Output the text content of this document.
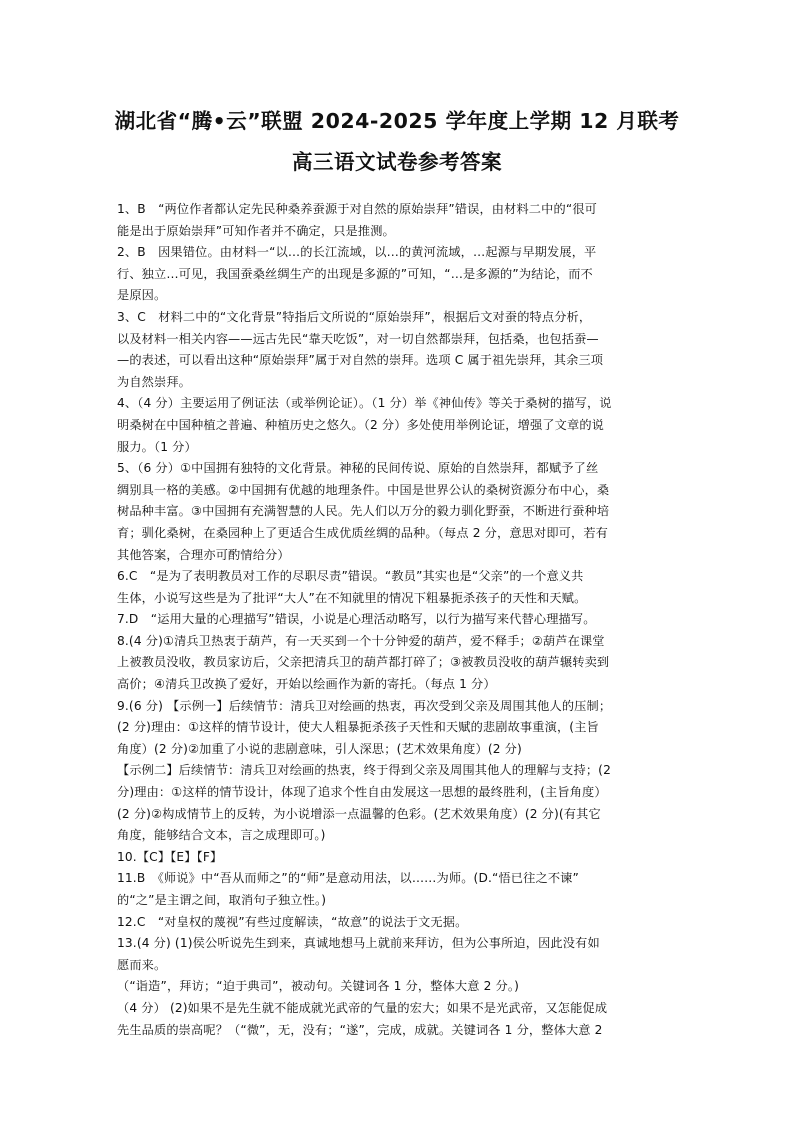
湖北省“腾•云”联盟 2024-2025 学年度上学期 12 月联考
高三语文试卷参考答案
1、B　“两位作者都认定先民种桑养蚕源于对自然的原始崇拜”错误，由材料二中的“很可
能是出于原始崇拜”可知作者并不确定，只是推测。
2、B　因果错位。由材料一“以…的长江流域，以…的黄河流域，…起源与早期发展，平
行、独立…可见，我国蚕桑丝绸生产的出现是多源的”可知，“…是多源的”为结论，而不
是原因。
3、C　材料二中的“文化背景”特指后文所说的“原始崇拜”，根据后文对蚕的特点分析，
以及材料一相关内容——远古先民“靠天吃饭”，对一切自然都崇拜，包括桑，也包括蚕—
—的表述，可以看出这种“原始崇拜”属于对自然的崇拜。选项 C 属于祖先崇拜，其余三项
为自然崇拜。
4、（4 分）主要运用了例证法（或举例论证）。（1 分）举《神仙传》等关于桑树的描写，说
明桑树在中国种植之普遍、种植历史之悠久。（2 分）多处使用举例论证，增强了文章的说
服力。（1 分）
5、（6 分）①中国拥有独特的文化背景。神秘的民间传说、原始的自然崇拜，都赋予了丝
绸别具一格的美感。②中国拥有优越的地理条件。中国是世界公认的桑树资源分布中心，桑
树品种丰富。③中国拥有充满智慧的人民。先人们以万分的毅力驯化野蚕，不断进行蚕种培
育；驯化桑树，在桑园种上了更适合生成优质丝绸的品种。（每点 2 分，意思对即可，若有
其他答案，合理亦可酌情给分）
6.C　“是为了表明教员对工作的尽职尽责”错误。“教员”其实也是“父亲”的一个意义共
生体，小说写这些是为了批评“大人”在不知就里的情况下粗暴扼杀孩子的天性和天赋。
7.D　“运用大量的心理描写”错误，小说是心理活动略写，以行为描写来代替心理描写。
8.(4 分)①清兵卫热衷于葫芦，有一天买到一个十分钟爱的葫芦，爱不释手；②葫芦在课堂
上被教员没收，教员家访后，父亲把清兵卫的葫芦都打碎了；③被教员没收的葫芦辗转卖到
高价；④清兵卫改换了爱好，开始以绘画作为新的寄托。（每点 1 分）
9.(6 分) 【示例一】后续情节：清兵卫对绘画的热衷，再次受到父亲及周围其他人的压制；
(2 分)理由：①这样的情节设计，使大人粗暴扼杀孩子天性和天赋的悲剧故事重演，(主旨
角度）(2 分)②加重了小说的悲剧意味，引人深思；(艺术效果角度）(2 分)
【示例二】后续情节：清兵卫对绘画的热衷，终于得到父亲及周围其他人的理解与支持；(2
分)理由：①这样的情节设计，体现了追求个性自由发展这一思想的最终胜利，(主旨角度）
(2 分)②构成情节上的反转，为小说增添一点温馨的色彩。(艺术效果角度）(2 分)(有其它
角度，能够结合文本，言之成理即可。)
10.【C】【E】【F】
11.B　《师说》中“吾从而师之”的“师”是意动用法，以……为师。(D.“悟已往之不谏”
的“之”是主谓之间，取消句子独立性。)
12.C　“对皇权的蔑视”有些过度解读，“故意”的说法于文无据。
13.(4 分) (1)侯公听说先生到来，真诚地想马上就前来拜访，但为公事所迫，因此没有如
愿而来。
（“诣造”，拜访；“迫于典司”，被动句。关键词各 1 分，整体大意 2 分。)
（4 分） (2)如果不是先生就不能成就光武帝的气量的宏大；如果不是光武帝，又怎能促成
先生品质的崇高呢？（“微”，无，没有；“遂”，完成，成就。关键词各 1 分，整体大意 2
